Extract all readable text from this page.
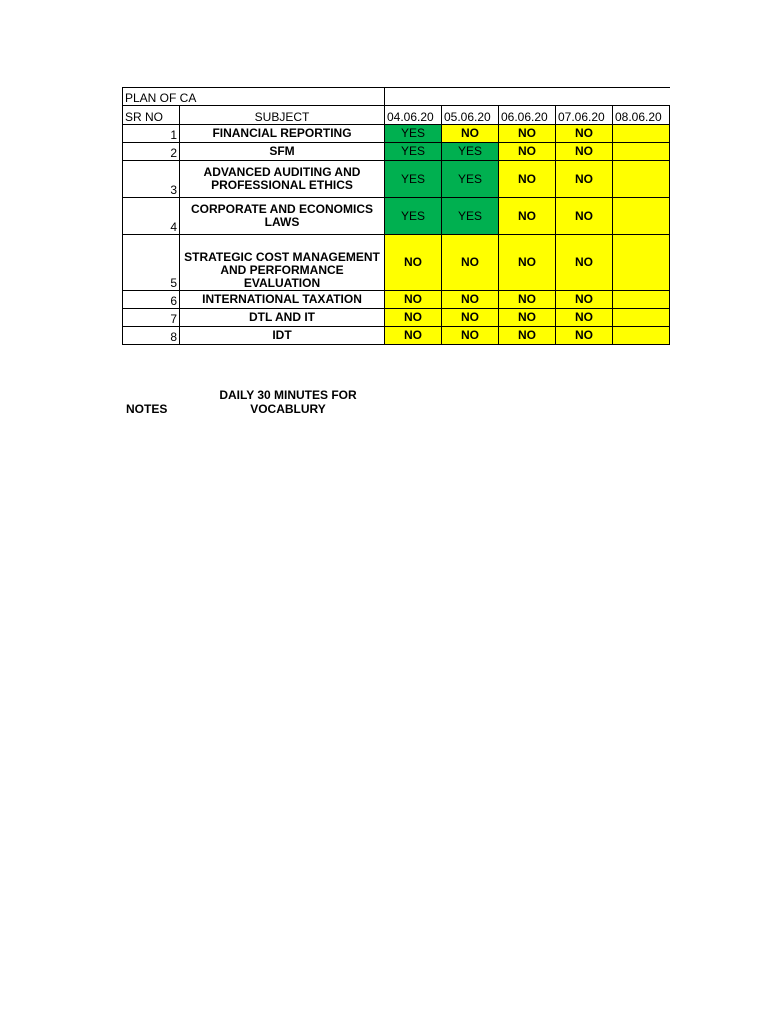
PLAN OF CA						
SR NO	SUBJECT	04.06.20	05.06.20	06.06.20	07.06.20	08.06.20
1	FINANCIAL REPORTING	YES	NO	NO	NO	
2	SFM	YES	YES	NO	NO	
3	ADVANCED AUDITING AND PROFESSIONAL ETHICS	YES	YES	NO	NO	
4	CORPORATE AND ECONOMICS LAWS	YES	YES	NO	NO	
5	STRATEGIC COST MANAGEMENT AND PERFORMANCE EVALUATION	NO	NO	NO	NO	
6	INTERNATIONAL TAXATION	NO	NO	NO	NO	
7	DTL AND IT	NO	NO	NO	NO	
8	IDT	NO	NO	NO	NO	
NOTES
DAILY 30 MINUTES FOR VOCABLURY
